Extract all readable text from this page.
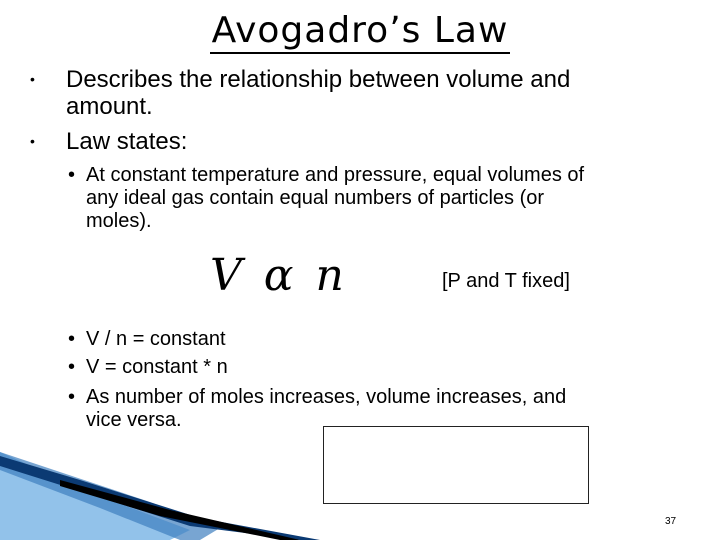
Avogadro’s Law
• Describes the relationship between volume and
amount.
• Law states:
• At constant temperature and pressure, equal volumes of
any ideal gas contain equal numbers of particles (or
moles).
V α n	[P and T fixed]
• V / n = constant
• V = constant * n
• As number of moles increases, volume increases, and
vice versa.
37
